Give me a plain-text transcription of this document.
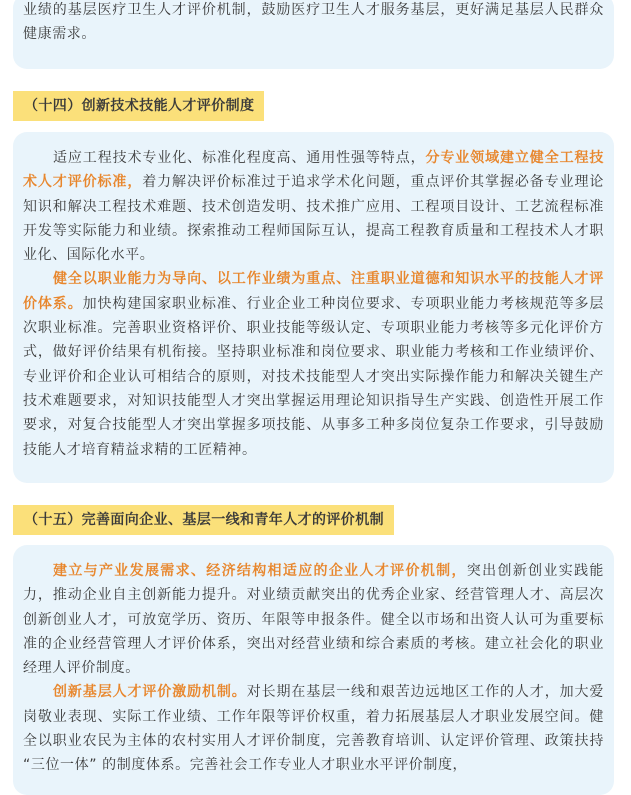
业绩的基层医疗卫生人才评价机制，鼓励医疗卫生人才服务基层，更好满足基层人民群众健康需求。

（十四）创新技术技能人才评价制度

适应工程技术专业化、标准化程度高、通用性强等特点，分专业领域建立健全工程技术人才评价标准，着力解决评价标准过于追求学术化问题，重点评价其掌握必备专业理论知识和解决工程技术难题、技术创造发明、技术推广应用、工程项目设计、工艺流程标准开发等实际能力和业绩。探索推动工程师国际互认，提高工程教育质量和工程技术人才职业化、国际化水平。

健全以职业能力为导向、以工作业绩为重点、注重职业道德和知识水平的技能人才评价体系。加快构建国家职业标准、行业企业工种岗位要求、专项职业能力考核规范等多层次职业标准。完善职业资格评价、职业技能等级认定、专项职业能力考核等多元化评价方式，做好评价结果有机衔接。坚持职业标准和岗位要求、职业能力考核和工作业绩评价、专业评价和企业认可相结合的原则，对技术技能型人才突出实际操作能力和解决关键生产技术难题要求，对知识技能型人才突出掌握运用理论知识指导生产实践、创造性开展工作要求，对复合技能型人才突出掌握多项技能、从事多工种多岗位复杂工作要求，引导鼓励技能人才培育精益求精的工匠精神。

（十五）完善面向企业、基层一线和青年人才的评价机制

建立与产业发展需求、经济结构相适应的企业人才评价机制，突出创新创业实践能力，推动企业自主创新能力提升。对业绩贡献突出的优秀企业家、经营管理人才、高层次创新创业人才，可放宽学历、资历、年限等申报条件。健全以市场和出资人认可为重要标准的企业经营管理人才评价体系，突出对经营业绩和综合素质的考核。建立社会化的职业经理人评价制度。

创新基层人才评价激励机制。对长期在基层一线和艰苦边远地区工作的人才，加大爱岗敬业表现、实际工作业绩、工作年限等评价权重，着力拓展基层人才职业发展空间。健全以职业农民为主体的农村实用人才评价制度，完善教育培训、认定评价管理、政策扶持 “三位一体” 的制度体系。完善社会工作专业人才职业水平评价制度，
